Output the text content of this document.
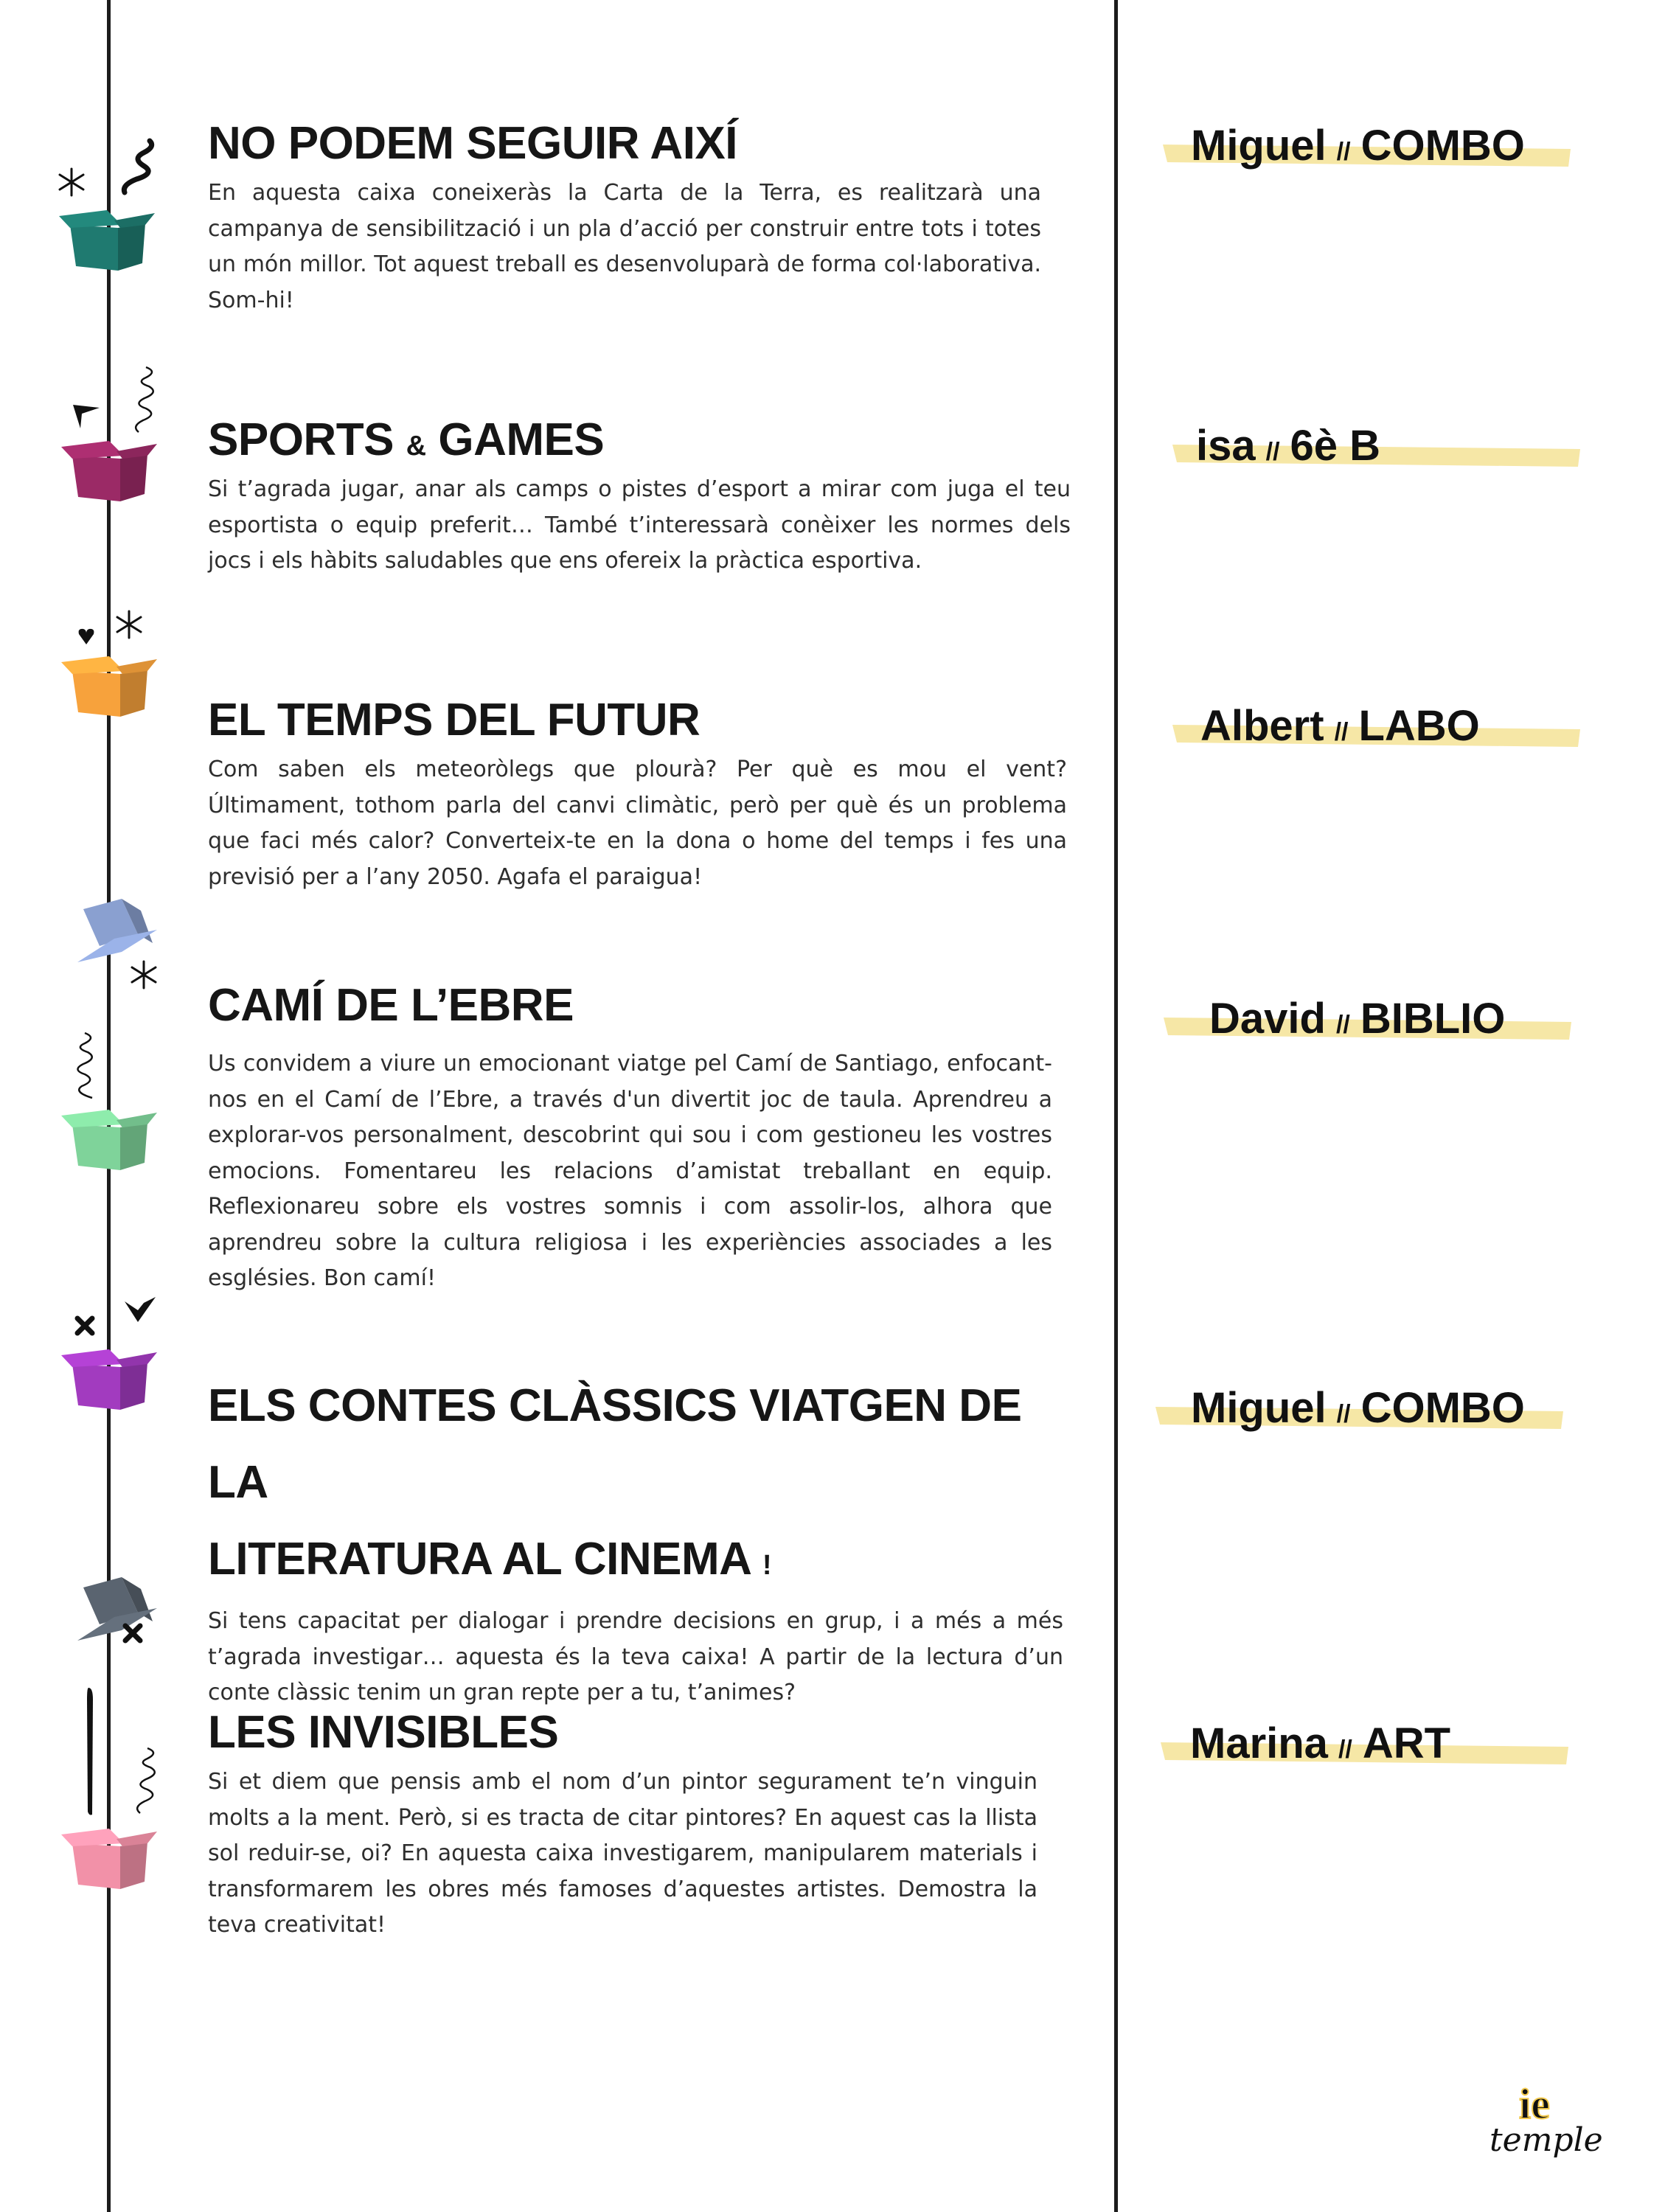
NO PODEM SEGUIR AIXÍ

En aquesta caixa coneixeràs la Carta de la Terra, es realitzarà una campanya de sensibilització i un pla d’acció per construir entre tots i totes un món millor. Tot aquest treball es desenvoluparà de forma col·laborativa. Som-hi!

SPORTS & GAMES

Si t’agrada jugar, anar als camps o pistes d’esport a mirar com juga el teu esportista o equip preferit… També t’interessarà conèixer les normes dels jocs i els hàbits saludables que ens ofereix la pràctica esportiva.

EL TEMPS DEL FUTUR

Com saben els meteoròlegs que plourà? Per què es mou el vent? Últimament, tothom parla del canvi climàtic, però per què és un problema que faci més calor? Converteix-te en la dona o home del temps i fes una previsió per a l’any 2050. Agafa el paraigua!

CAMÍ DE L’EBRE

Us convidem a viure un emocionant viatge pel Camí de Santiago, enfocant-nos en el Camí de l’Ebre, a través d'un divertit joc de taula. Aprendreu a explorar-vos personalment, descobrint qui sou i com gestioneu les vostres emocions. Fomentareu les relacions d’amistat treballant en equip. Reflexionareu sobre els vostres somnis i com assolir-los, alhora que aprendreu sobre la cultura religiosa i les experiències associades a les esglésies. Bon camí!

ELS CONTES CLÀSSICS VIATGEN DE LA
LITERATURA AL CINEMA !

Si tens capacitat per dialogar i prendre decisions en grup, i a més a més t’agrada investigar… aquesta és la teva caixa! A partir de la lectura d’un conte clàssic tenim un gran repte per a tu, t’animes?

LES INVISIBLES

Si et diem que pensis amb el nom d’un pintor segurament te’n vinguin molts a la ment. Però, si es tracta de citar pintores? En aquest cas la llista sol reduir-se, oi? En aquesta caixa investigarem, manipularem materials i transformarem les obres més famoses d’aquestes artistes. Demostra la teva creativitat!

Miguel // COMBO
isa // 6è B
Albert // LABO
David // BIBLIO
Miguel // COMBO
Marina // ART
ie
temple
